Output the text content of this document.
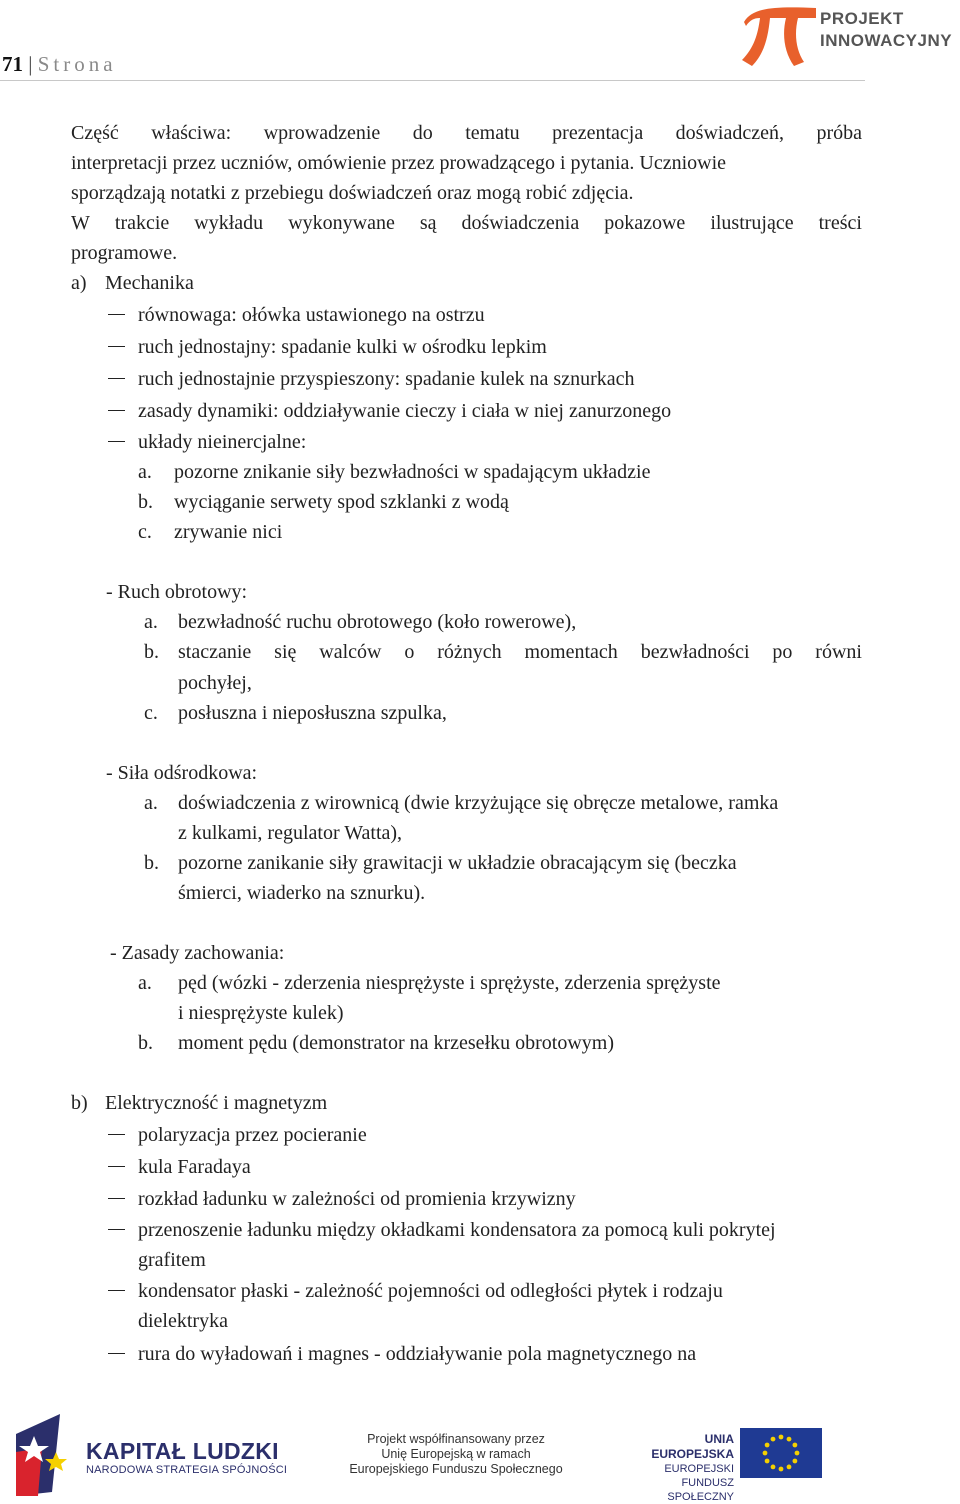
71 | Strona
PROJEKT
INNOWACYJNY
Część właściwa: wprowadzenie do tematu prezentacja doświadczeń, próba
interpretacji przez uczniów, omówienie przez prowadzącego i pytania. Uczniowie
sporządzają notatki z przebiegu doświadczeń oraz mogą robić zdjęcia.
W trakcie wykładu wykonywane są doświadczenia pokazowe ilustrujące treści
programowe.
a) Mechanika
równowaga: ołówka ustawionego na ostrzu
ruch jednostajny: spadanie kulki w ośrodku lepkim
ruch jednostajnie przyspieszony: spadanie kulek na sznurkach
zasady dynamiki: oddziaływanie cieczy i ciała w niej zanurzonego
układy nieinercjalne:
a. pozorne znikanie siły bezwładności w spadającym układzie
b. wyciąganie serwety spod szklanki z wodą
c. zrywanie nici
- Ruch obrotowy:
a. bezwładność ruchu obrotowego (koło rowerowe),
b. staczanie się walców o różnych momentach bezwładności po równi
pochyłej,
c. posłuszna i nieposłuszna szpulka,
- Siła odśrodkowa:
a. doświadczenia z wirownicą (dwie krzyżujące się obręcze metalowe, ramka
z kulkami, regulator Watta),
b. pozorne zanikanie siły grawitacji w układzie obracającym się (beczka
śmierci, wiaderko na sznurku).
- Zasady zachowania:
a. pęd (wózki - zderzenia niesprężyste i sprężyste, zderzenia sprężyste
i niesprężyste kulek)
b. moment pędu (demonstrator na krzesełku obrotowym)
b) Elektryczność i magnetyzm
polaryzacja przez pocieranie
kula Faradaya
rozkład ładunku w zależności od promienia krzywizny
przenoszenie ładunku między okładkami kondensatora za pomocą kuli pokrytej
grafitem
kondensator płaski - zależność pojemności od odległości płytek i rodzaju
dielektryka
rura do wyładowań i magnes - oddziaływanie pola magnetycznego na
KAPITAŁ LUDZKI
NARODOWA STRATEGIA SPÓJNOŚCI
Projekt współfinansowany przez
Unię Europejską w ramach
Europejskiego Funduszu Społecznego
UNIA EUROPEJSKA
EUROPEJSKI
FUNDUSZ SPOŁECZNY
